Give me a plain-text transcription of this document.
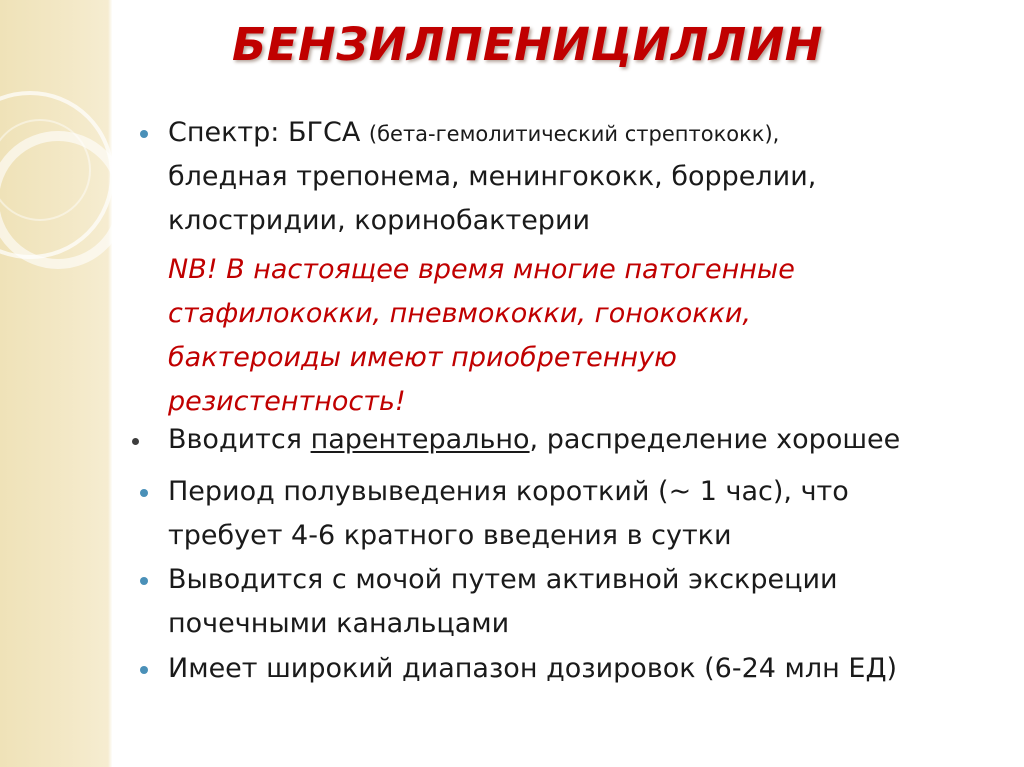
БЕНЗИЛПЕНИЦИЛЛИН
Спектр: БГСА (бета-гемолитический стрептококк),
бледная трепонема, менингококк, боррелии,
клостридии, коринобактерии
NB! В настоящее время многие патогенные
стафилококки, пневмококки, гонококки,
бактероиды имеют приобретенную
резистентность!
Вводится парентерально, распределение хорошее
Период полувыведения короткий (~ 1 час), что
требует 4-6 кратного введения в сутки
Выводится с мочой путем активной экскреции
почечными канальцами
Имеет широкий диапазон дозировок (6-24 млн ЕД)
